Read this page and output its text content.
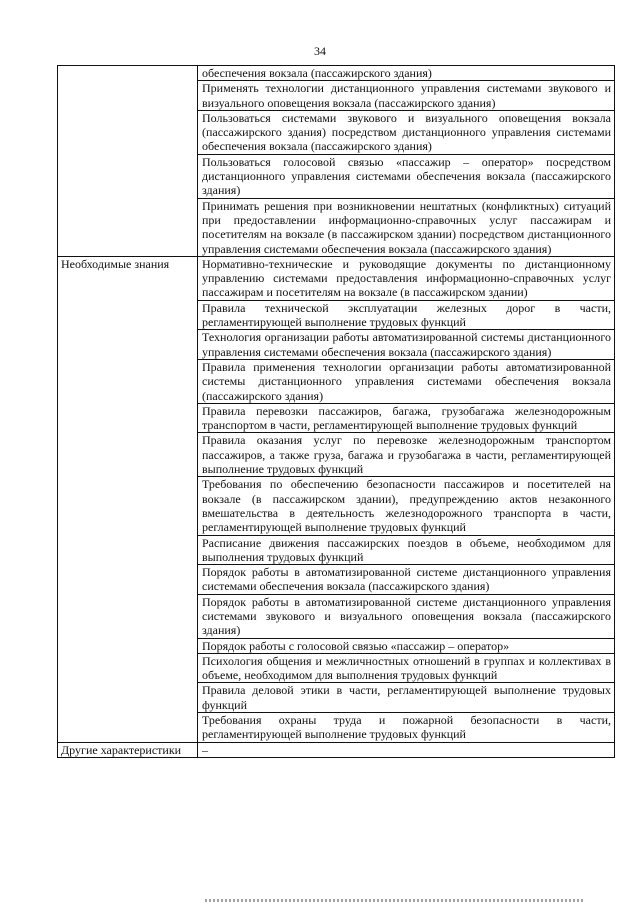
34
	обеспечения вокзала (пассажирского здания)
	Применять технологии дистанционного управления системами звукового и визуального оповещения вокзала (пассажирского здания)
	Пользоваться системами звукового и визуального оповещения вокзала (пассажирского здания) посредством дистанционного управления системами обеспечения вокзала (пассажирского здания)
	Пользоваться голосовой связью «пассажир – оператор» посредством дистанционного управления системами обеспечения вокзала (пассажирского здания)
	Принимать решения при возникновении нештатных (конфликтных) ситуаций при предоставлении информационно-справочных услуг пассажирам и посетителям на вокзале (в пассажирском здании) посредством дистанционного управления системами обеспечения вокзала (пассажирского здания)
Необходимые знания	Нормативно-технические и руководящие документы по дистанционному управлению системами предоставления информационно-справочных услуг пассажирам и посетителям на вокзале (в пассажирском здании)
	Правила технической эксплуатации железных дорог в части, регламентирующей выполнение трудовых функций
	Технология организации работы автоматизированной системы дистанционного управления системами обеспечения вокзала (пассажирского здания)
	Правила применения технологии организации работы автоматизированной системы дистанционного управления системами обеспечения вокзала (пассажирского здания)
	Правила перевозки пассажиров, багажа, грузобагажа железнодорожным транспортом в части, регламентирующей выполнение трудовых функций
	Правила оказания услуг по перевозке железнодорожным транспортом пассажиров, а также груза, багажа и грузобагажа в части, регламентирующей выполнение трудовых функций
	Требования по обеспечению безопасности пассажиров и посетителей на вокзале (в пассажирском здании), предупреждению актов незаконного вмешательства в деятельность железнодорожного транспорта в части, регламентирующей выполнение трудовых функций
	Расписание движения пассажирских поездов в объеме, необходимом для выполнения трудовых функций
	Порядок работы в автоматизированной системе дистанционного управления системами обеспечения вокзала (пассажирского здания)
	Порядок работы в автоматизированной системе дистанционного управления системами звукового и визуального оповещения вокзала (пассажирского здания)
	Порядок работы с голосовой связью «пассажир – оператор»
	Психология общения и межличностных отношений в группах и коллективах в объеме, необходимом для выполнения трудовых функций
	Правила деловой этики в части, регламентирующей выполнение трудовых функций
	Требования охраны труда и пожарной безопасности в части, регламентирующей выполнение трудовых функций
Другие характеристики	–
